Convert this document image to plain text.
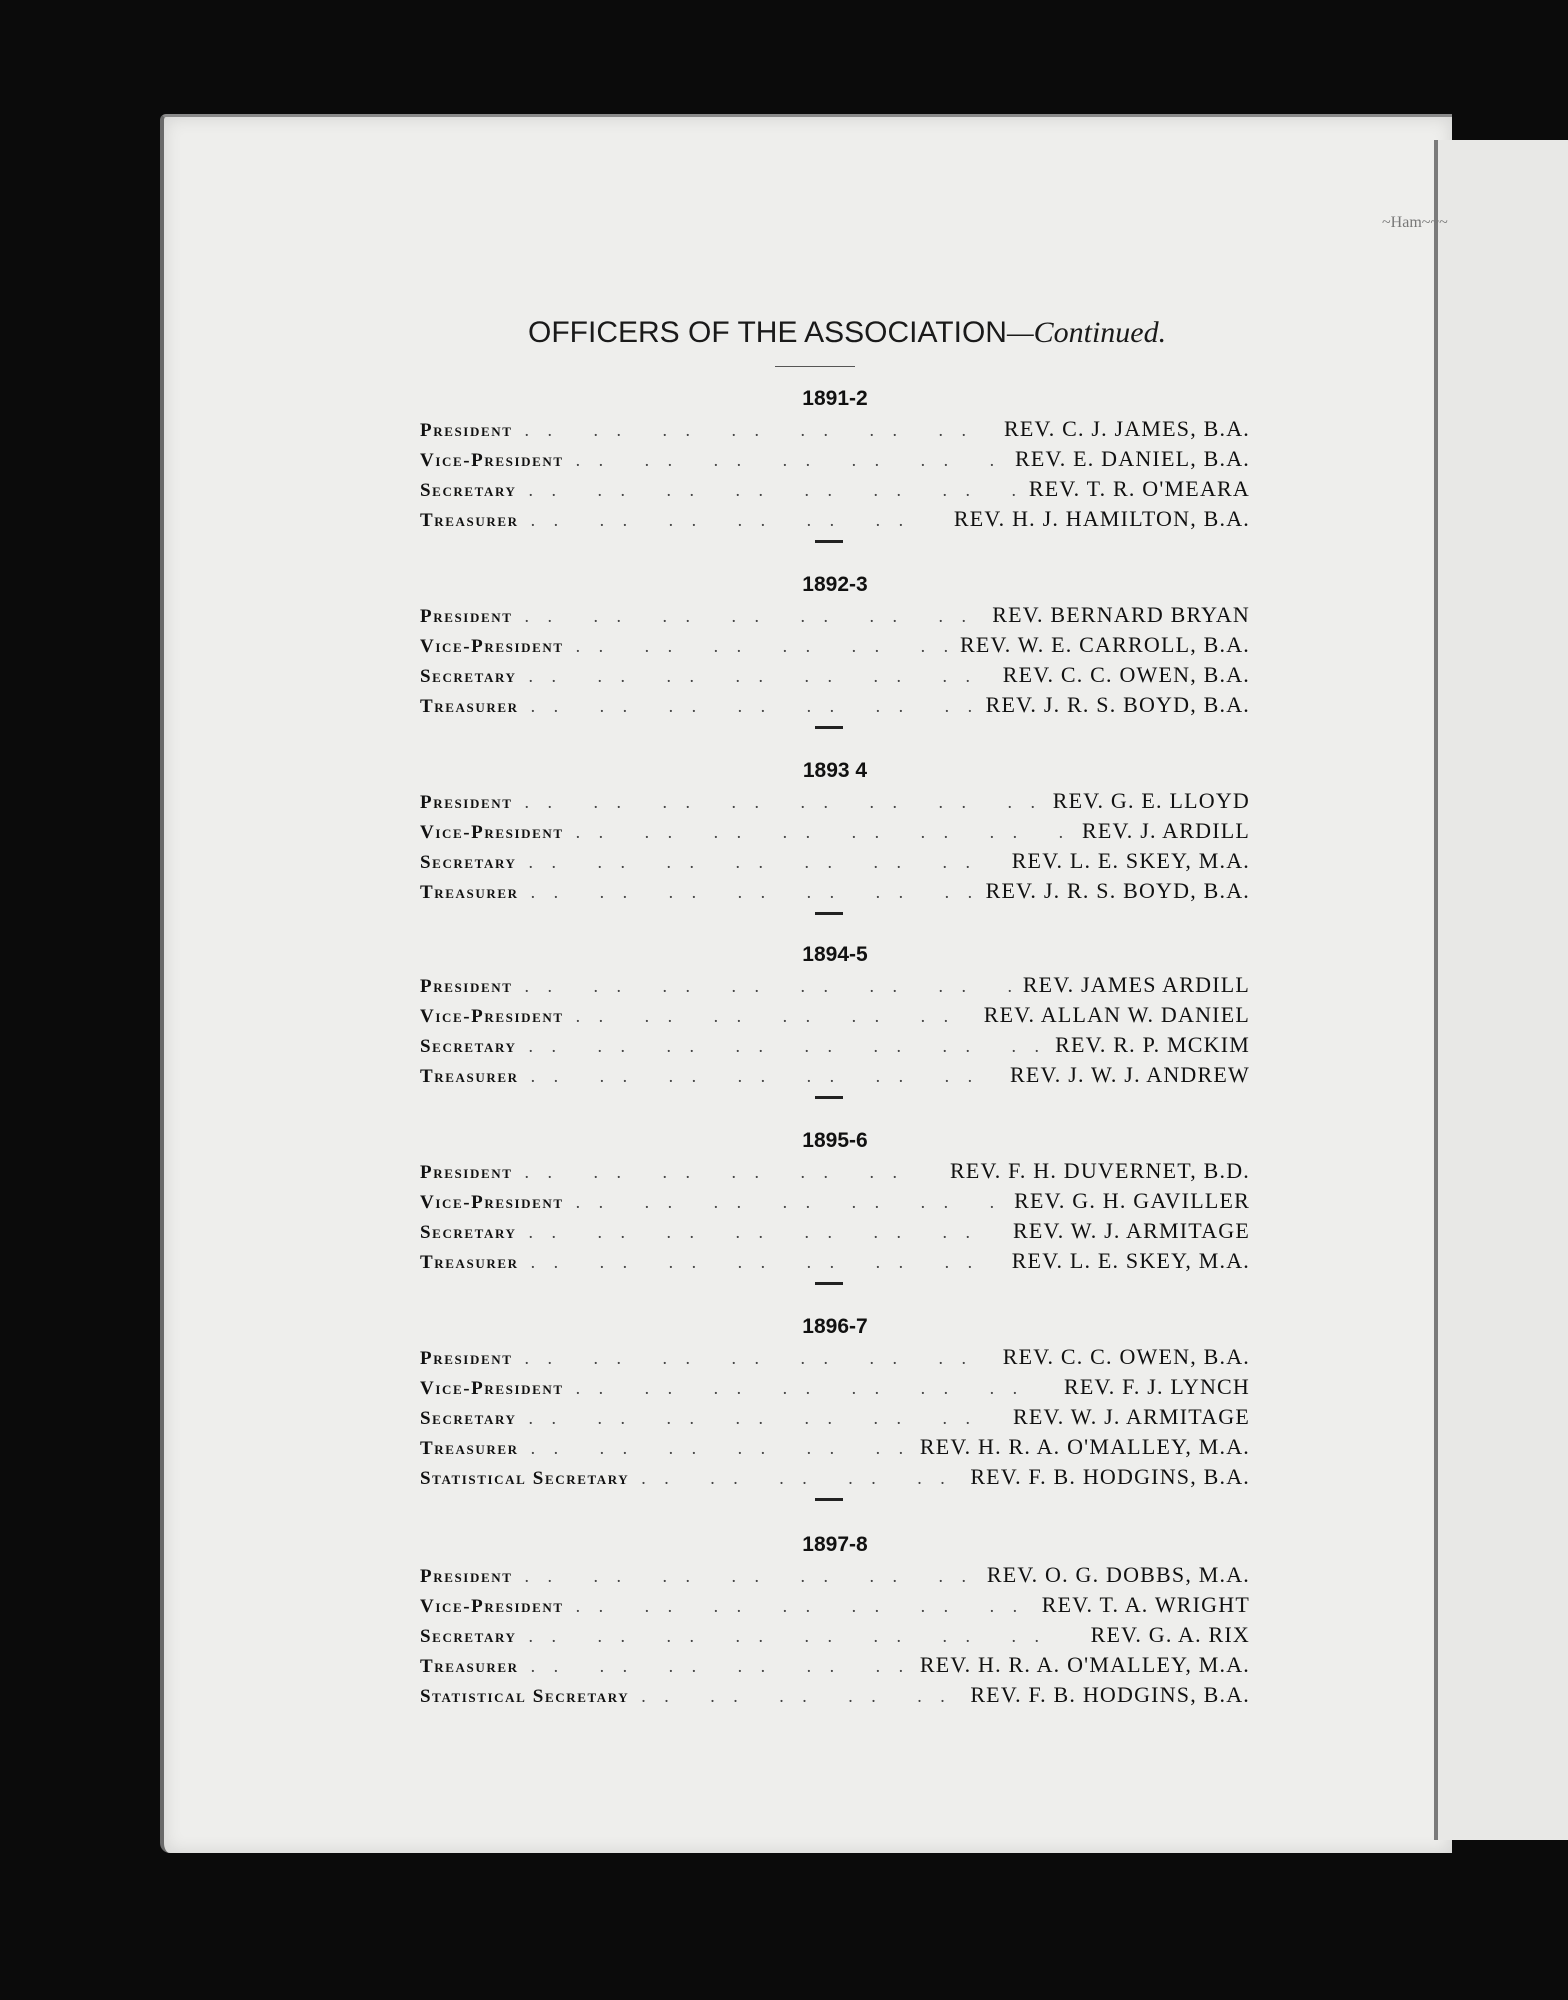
~Ham~~~
OFFICERS OF THE ASSOCIATION—Continued.
1891-2
President . .	REV. C. J. JAMES, B.A.
Vice-President . .	REV. E. DANIEL, B.A.
Secretary . .	REV. T. R. O'MEARA
Treasurer . .	REV. H. J. HAMILTON, B.A.
1892-3
President . .	REV. BERNARD BRYAN
Vice-President . .	REV. W. E. CARROLL, B.A.
Secretary . .	REV. C. C. OWEN, B.A.
Treasurer . .	REV. J. R. S. BOYD, B.A.
1893 4
President . .	REV. G. E. LLOYD
Vice-President . .	REV. J. ARDILL
Secretary . .	REV. L. E. SKEY, M.A.
Treasurer . .	REV. J. R. S. BOYD, B.A.
1894-5
President . .	REV. JAMES ARDILL
Vice-President . .	REV. ALLAN W. DANIEL
Secretary . .	REV. R. P. MCKIM
Treasurer . .	REV. J. W. J. ANDREW
1895-6
President . .	REV. F. H. DUVERNET, B.D.
Vice-President . .	REV. G. H. GAVILLER
Secretary . .	REV. W. J. ARMITAGE
Treasurer . .	REV. L. E. SKEY, M.A.
1896-7
President . .	REV. C. C. OWEN, B.A.
Vice-President . .	REV. F. J. LYNCH
Secretary . .	REV. W. J. ARMITAGE
Treasurer . .	REV. H. R. A. O'MALLEY, M.A.
Statistical Secretary . .	REV. F. B. HODGINS, B.A.
1897-8
President . .	REV. O. G. DOBBS, M.A.
Vice-President . .	REV. T. A. WRIGHT
Secretary . .	REV. G. A. RIX
Treasurer . .	REV. H. R. A. O'MALLEY, M.A.
Statistical Secretary . .	REV. F. B. HODGINS, B.A.
